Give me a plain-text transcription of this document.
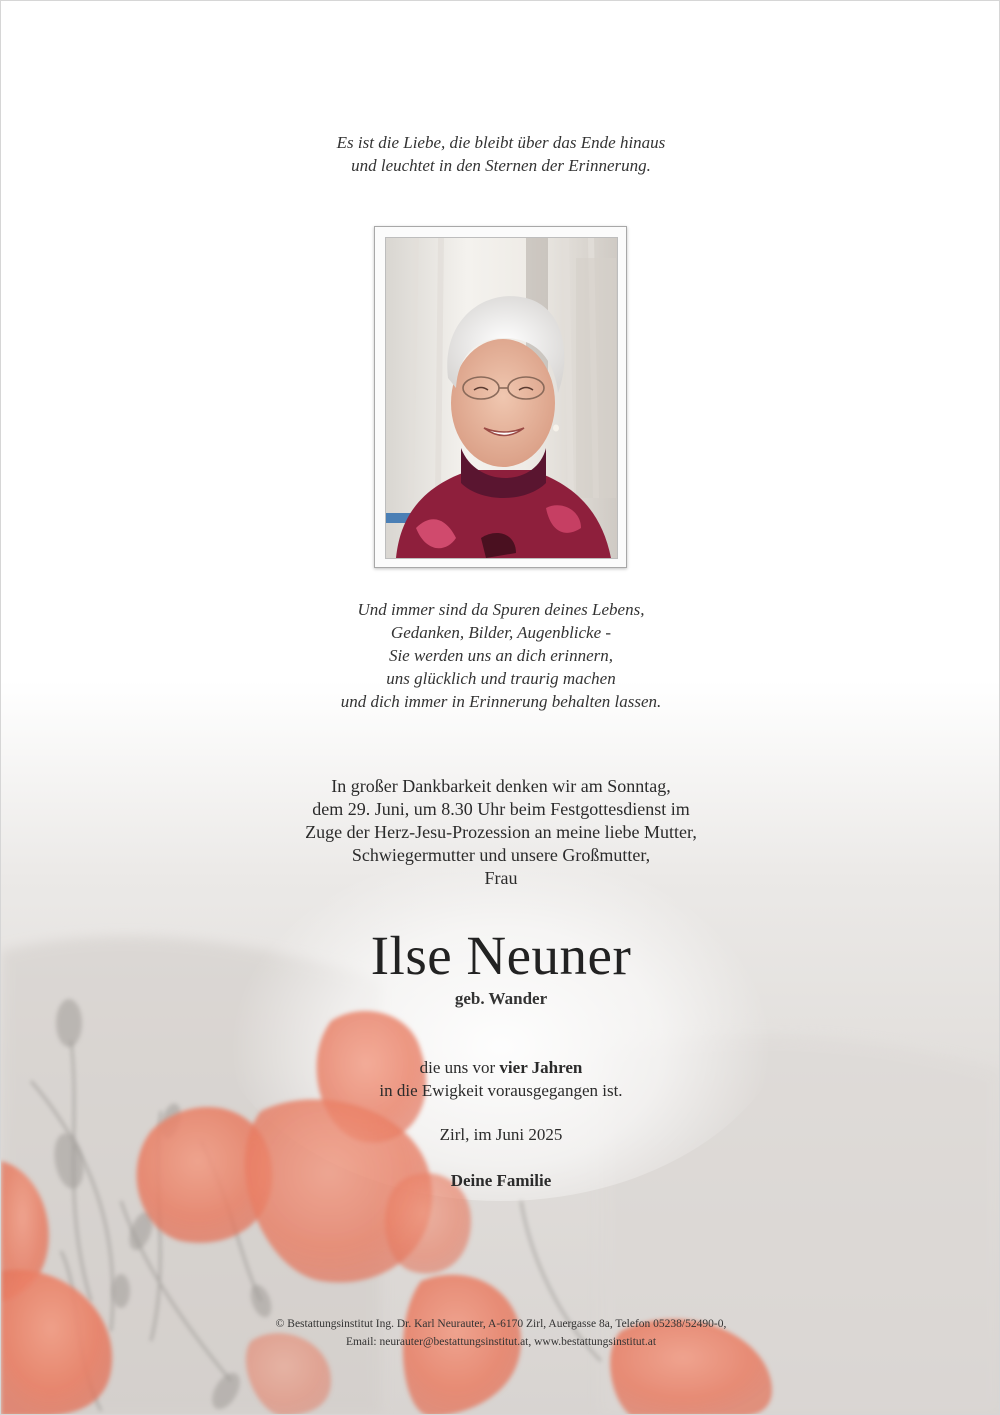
Es ist die Liebe, die bleibt über das Ende hinaus
und leuchtet in den Sternen der Erinnerung.
Und immer sind da Spuren deines Lebens,
Gedanken, Bilder, Augenblicke -
Sie werden uns an dich erinnern,
uns glücklich und traurig machen
und dich immer in Erinnerung behalten lassen.
In großer Dankbarkeit denken wir am Sonntag,
dem 29. Juni, um 8.30 Uhr beim Festgottesdienst im
Zuge der Herz-Jesu-Prozession an meine liebe Mutter,
Schwiegermutter und unsere Großmutter,
Frau
Ilse Neuner
geb. Wander
die uns vor vier Jahren
in die Ewigkeit vorausgegangen ist.
Zirl, im Juni 2025
Deine Familie
© Bestattungsinstitut Ing. Dr. Karl Neurauter, A-6170 Zirl, Auergasse 8a, Telefon 05238/52490-0,
Email: neurauter@bestattungsinstitut.at, www.bestattungsinstitut.at
